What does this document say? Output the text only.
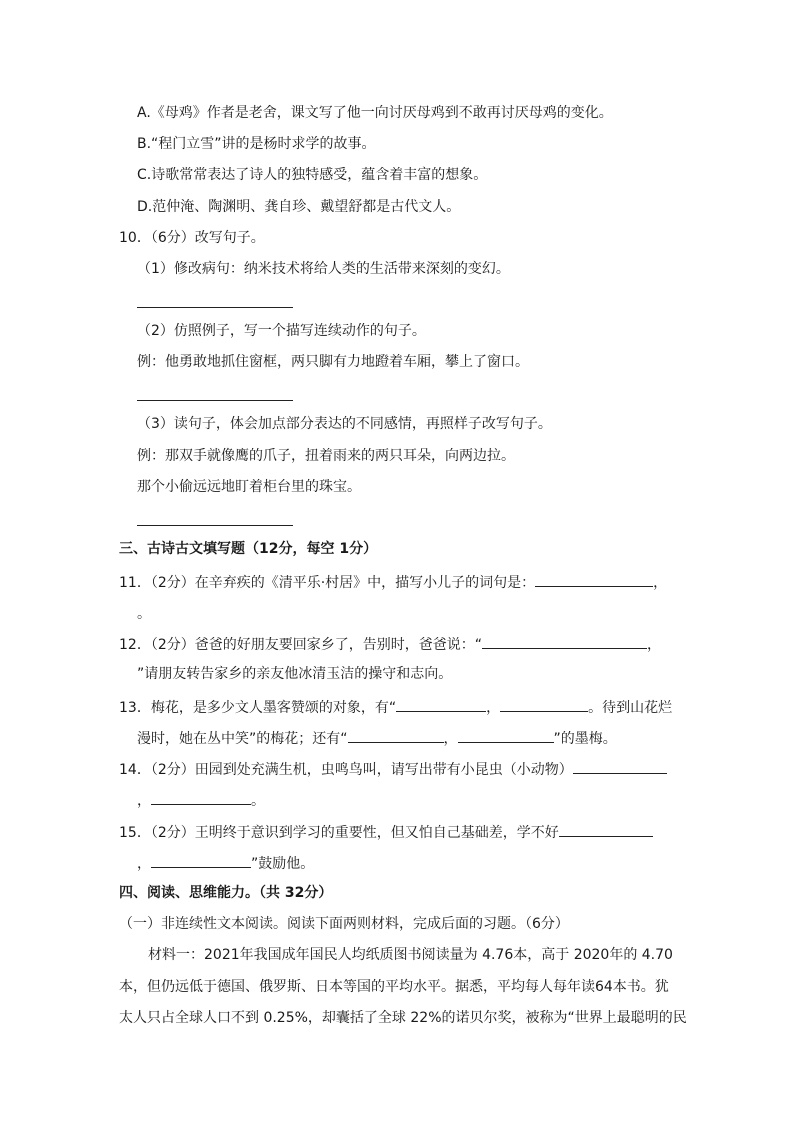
A.《母鸡》作者是老舍，课文写了他一向讨厌母鸡到不敢再讨厌母鸡的变化。
B.“程门立雪”讲的是杨时求学的故事。
C.诗歌常常表达了诗人的独特感受，蕴含着丰富的想象。
D.范仲淹、陶渊明、龚自珍、戴望舒都是古代文人。
10．（6分）改写句子。
（1）修改病句：纳米技术将给人类的生活带来深刻的变幻。
（2）仿照例子，写一个描写连续动作的句子。
例：他勇敢地抓住窗框，两只脚有力地蹬着车厢，攀上了窗口。
（3）读句子，体会加点部分表达的不同感情，再照样子改写句子。
例：那双手就像鹰的爪子，扭着雨来的两只耳朵，向两边拉。
那个小偷远远地盯着柜台里的珠宝。
三、古诗古文填写题（12分，每空 1分）
11．（2分）在辛弃疾的《清平乐·村居》中，描写小儿子的词句是：	，
。
12．（2分）爸爸的好朋友要回家乡了，告别时，爸爸说：“	，
”请朋友转告家乡的亲友他冰清玉洁的操守和志向。
13．梅花，是多少文人墨客赞颂的对象，有“	，	。待到山花烂
漫时，她在丛中笑”的梅花；还有“	，	”的墨梅。
14．（2分）田园到处充满生机，虫鸣鸟叫，请写出带有小昆虫（小动物）
，	。
15．（2分）王明终于意识到学习的重要性，但又怕自己基础差，学不好
，	”鼓励他。
四、阅读、思维能力。（共 32分）
（一）非连续性文本阅读。阅读下面两则材料，完成后面的习题。（6分）
材料一：2021年我国成年国民人均纸质图书阅读量为 4.76本，高于 2020年的 4.70
本，但仍远低于德国、俄罗斯、日本等国的平均水平。据悉，平均每人每年读64本书。犹
太人只占全球人口不到 0.25%，却囊括了全球 22%的诺贝尔奖，被称为“世界上最聪明的民
